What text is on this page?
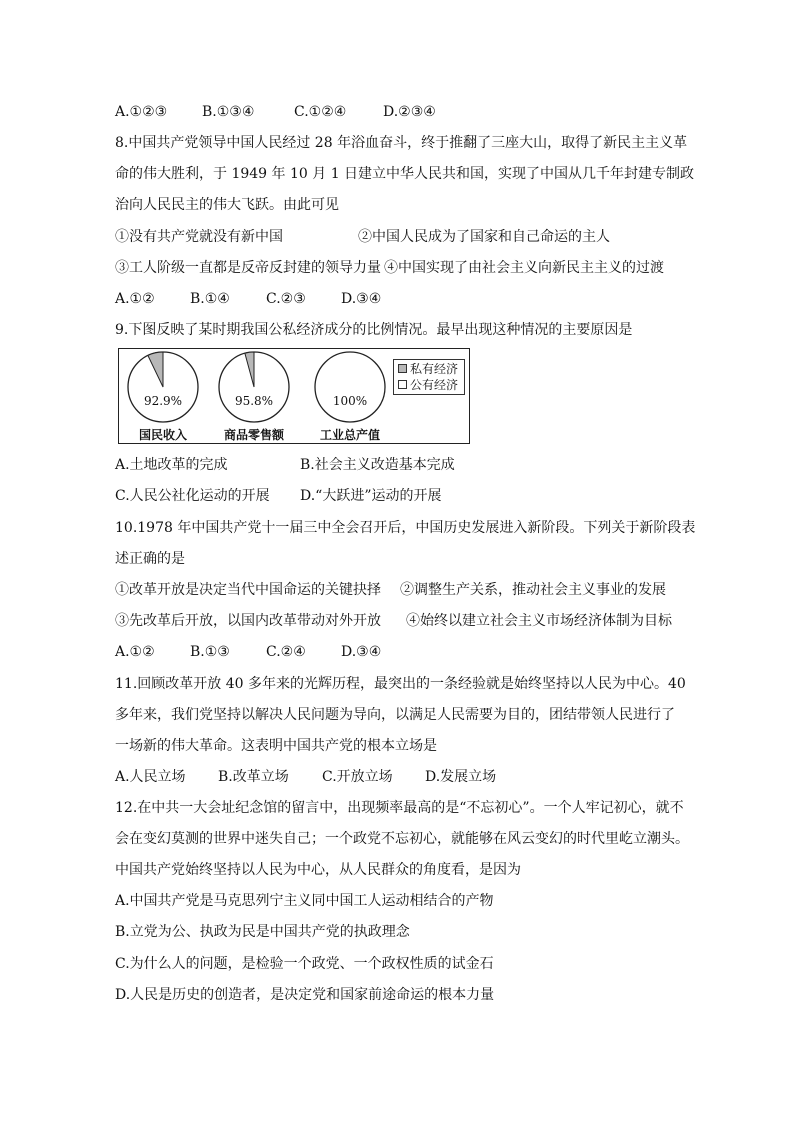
A.①②③ B.①③④	C.①②④	D.②③④
8.中国共产党领导中国人民经过 28 年浴血奋斗，终于推翻了三座大山，取得了新民主主义革
命的伟大胜利，于 1949 年 10 月 1 日建立中华人民共和国，实现了中国从几千年封建专制政
治向人民民主的伟大飞跃。由此可见
①没有共产党就没有新中国	②中国人民成为了国家和自己命运的主人
③工人阶级一直都是反帝反封建的领导力量 ④中国实现了由社会主义向新民主主义的过渡
A.①②	B.①④	C.②③	D.③④
9.下图反映了某时期我国公私经济成分的比例情况。最早出现这种情况的主要原因是
92.9%
国民收入
95.8%
商品零售额
100%
工业总产值
私有经济
公有经济
A.土地改革的完成	B.社会主义改造基本完成
C.人民公社化运动的开展 D.“大跃进”运动的开展
10.1978 年中国共产党十一届三中全会召开后，中国历史发展进入新阶段。下列关于新阶段表
述正确的是
①改革开放是决定当代中国命运的关键抉择 ②调整生产关系，推动社会主义事业的发展
③先改革后开放，以国内改革带动对外开放 ④始终以建立社会主义市场经济体制为目标
A.①②	B.①③	C.②④	D.③④
11.回顾改革开放 40 多年来的光辉历程，最突出的一条经验就是始终坚持以人民为中心。40
多年来，我们党坚持以解决人民问题为导向，以满足人民需要为目的，团结带领人民进行了
一场新的伟大革命。这表明中国共产党的根本立场是
A.人民立场 B.改革立场 C.开放立场 D.发展立场
12.在中共一大会址纪念馆的留言中，出现频率最高的是“不忘初心”。一个人牢记初心，就不
会在变幻莫测的世界中迷失自己；一个政党不忘初心，就能够在风云变幻的时代里屹立潮头。
中国共产党始终坚持以人民为中心，从人民群众的角度看，是因为
A.中国共产党是马克思列宁主义同中国工人运动相结合的产物
B.立党为公、执政为民是中国共产党的执政理念
C.为什么人的问题，是检验一个政党、一个政权性质的试金石
D.人民是历史的创造者，是决定党和国家前途命运的根本力量
